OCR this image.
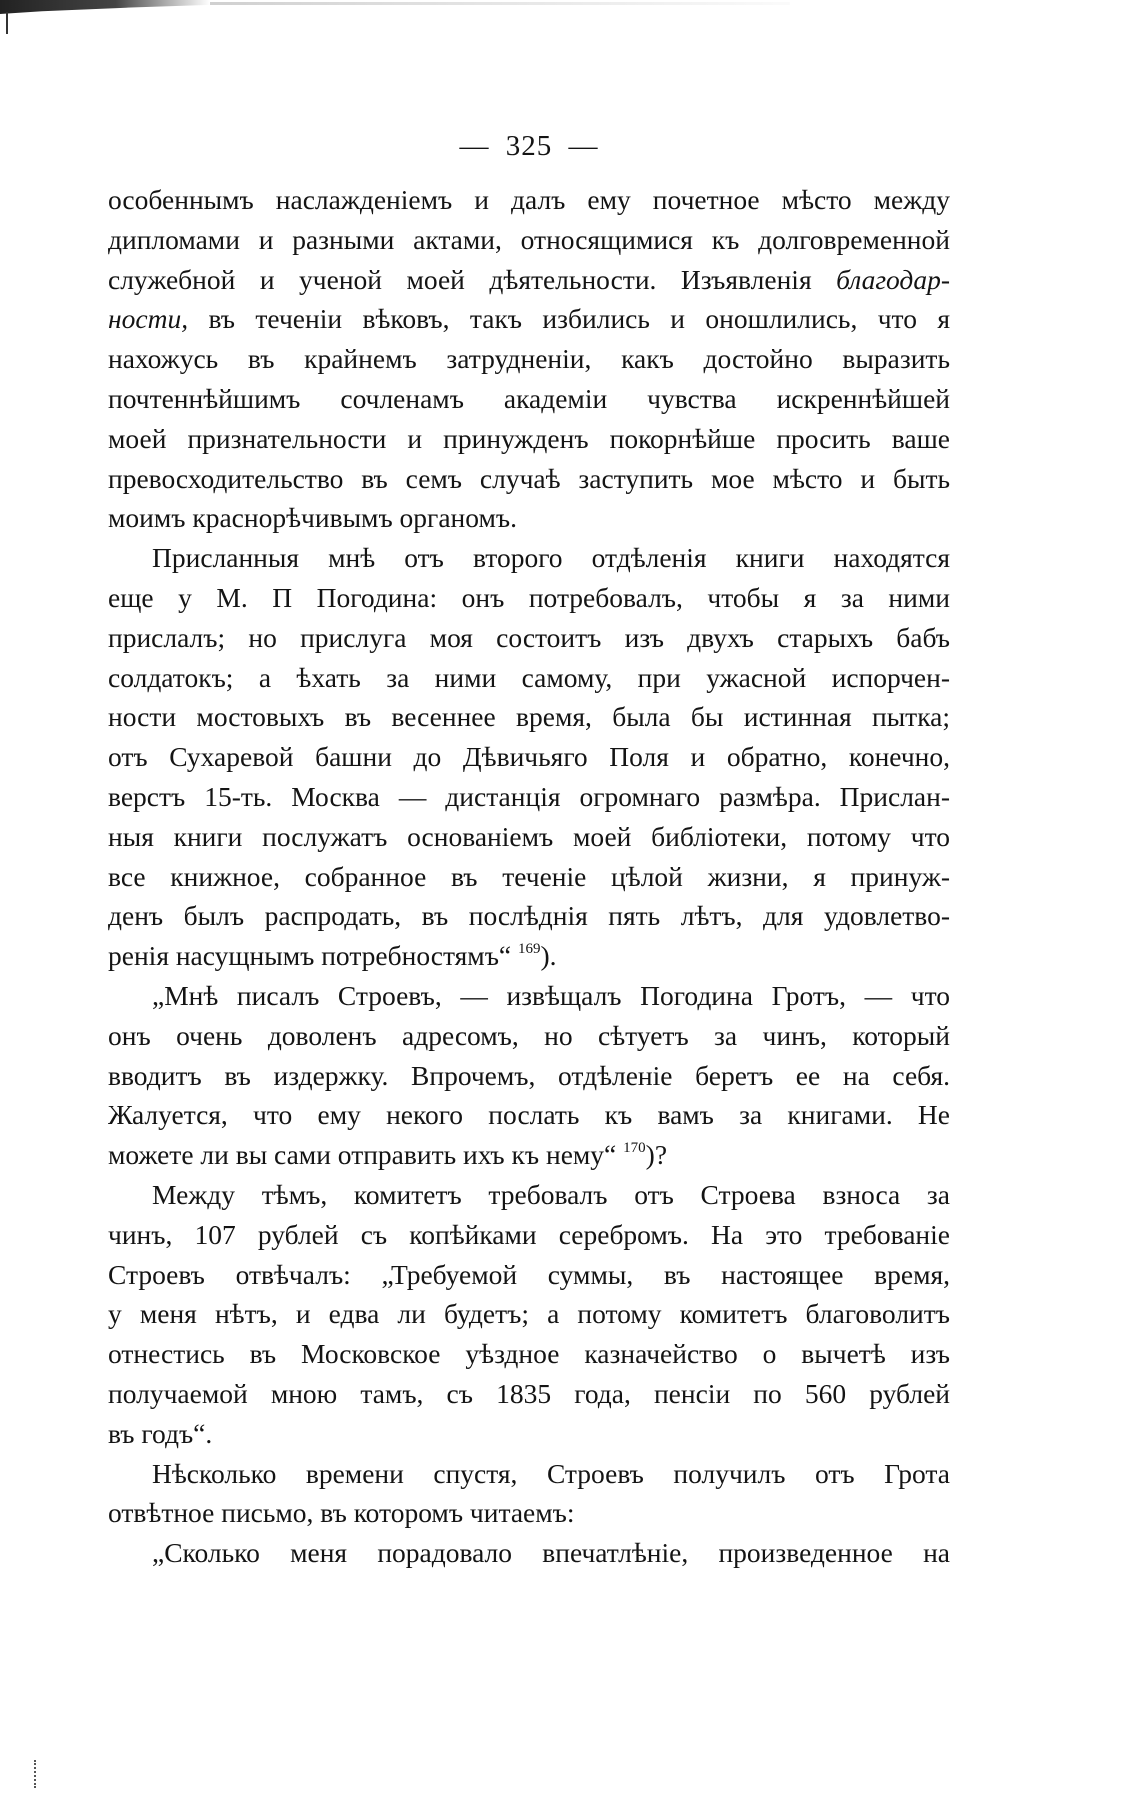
— 325 —
особеннымъ наслажденіемъ и далъ ему почетное мѣсто между
дипломами и разными актами, относящимися къ долговременной
служебной и ученой моей дѣятельности. Изъявленія благодар-
ности, въ теченіи вѣковъ, такъ избились и оношлились, что я
нахожусь въ крайнемъ затрудненіи, какъ достойно выразить
почтеннѣйшимъ сочленамъ академіи чувства искреннѣйшей
моей признательности и принужденъ покорнѣйше просить ваше
превосходительство въ семъ случаѣ заступить мое мѣсто и быть
моимъ краснорѣчивымъ органомъ.
Присланныя мнѣ отъ второго отдѣленія книги находятся
еще у М. П Погодина: онъ потребовалъ, чтобы я за ними
прислалъ; но прислуга моя состоитъ изъ двухъ старыхъ бабъ
солдатокъ; а ѣхать за ними самому, при ужасной испорчен-
ности мостовыхъ въ весеннее время, была бы истинная пытка;
отъ Сухаревой башни до Дѣвичьяго Поля и обратно, конечно,
верстъ 15-ть. Москва — дистанція огромнаго размѣра. Прислан-
ныя книги послужатъ основаніемъ моей библіотеки, потому что
все книжное, собранное въ теченіе цѣлой жизни, я принуж-
денъ былъ распродать, въ послѣднія пять лѣтъ, для удовлетво-
ренія насущнымъ потребностямъ“ $^{169}$).
„Мнѣ писалъ Строевъ, — извѣщалъ Погодина Гротъ, — что
онъ очень доволенъ адресомъ, но сѣтуетъ за чинъ, который
вводитъ въ издержку. Впрочемъ, отдѣленіе беретъ ее на себя.
Жалуется, что ему некого послать къ вамъ за книгами. Не
можете ли вы сами отправить ихъ къ нему“ $^{170}$)?
Между тѣмъ, комитетъ требовалъ отъ Строева взноса за
чинъ, 107 рублей съ копѣйками серебромъ. На это требованіе
Строевъ отвѣчалъ: „Требуемой суммы, въ настоящее время,
у меня нѣтъ, и едва ли будетъ; а потому комитетъ благоволитъ
отнестись въ Московское уѣздное казначейство о вычетѣ изъ
получаемой мною тамъ, съ 1835 года, пенсіи по 560 рублей
въ годъ“.
Нѣсколько времени спустя, Строевъ получилъ отъ Грота
отвѣтное письмо, въ которомъ читаемъ:
„Сколько меня порадовало впечатлѣніе, произведенное на
